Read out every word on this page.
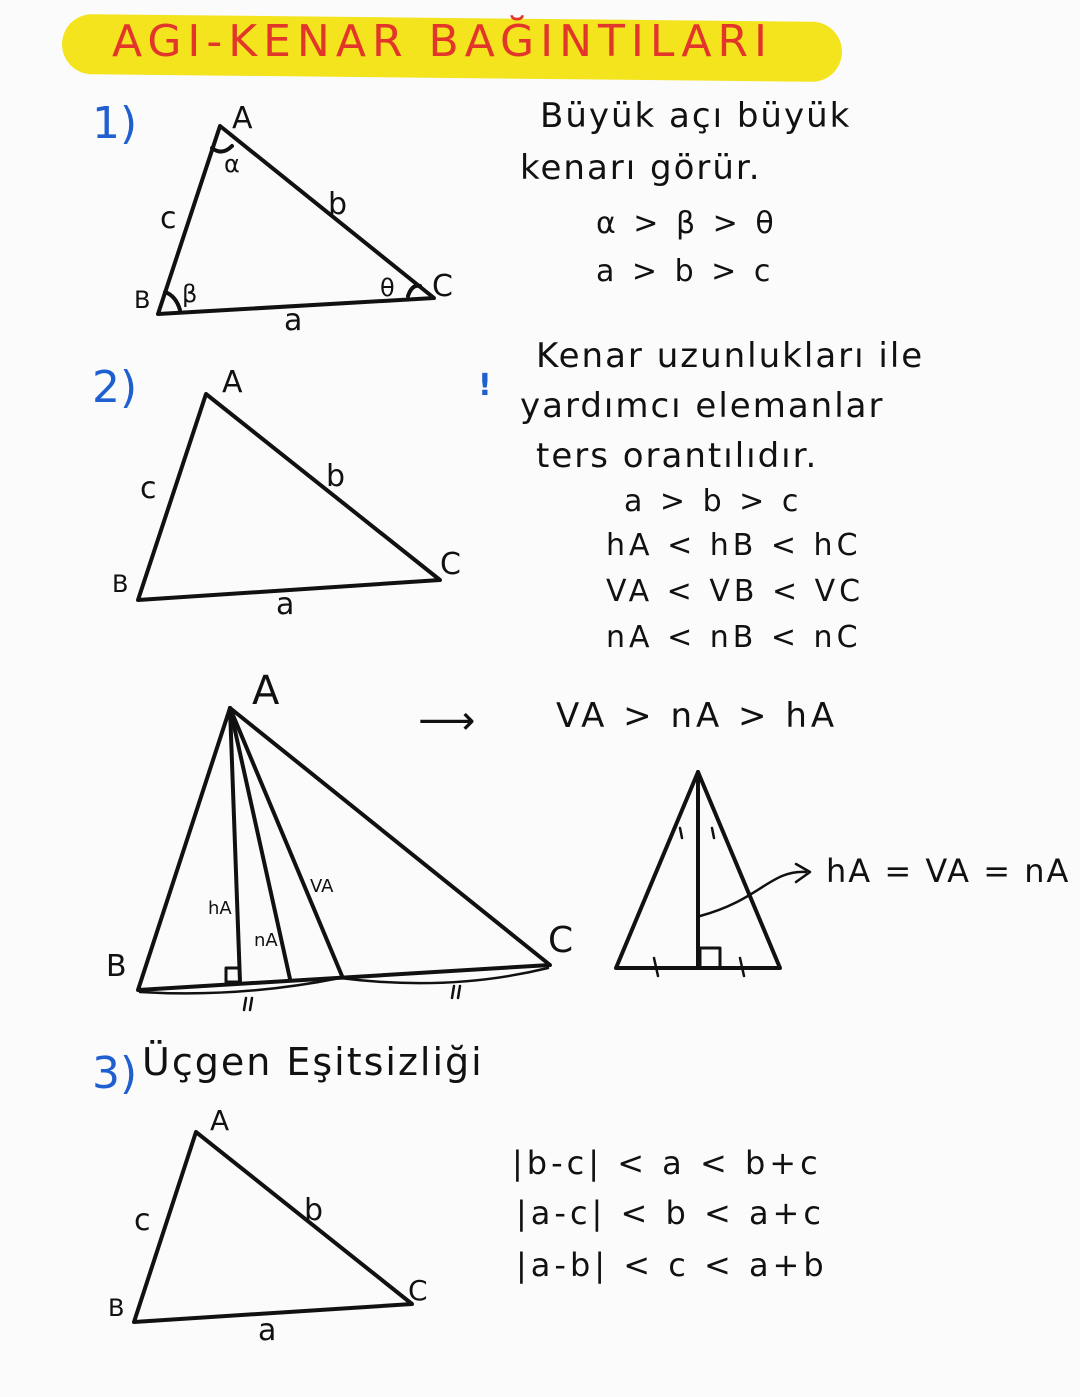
AGI-KENAR BAĞINTILARI
1)
2)
3) Üçgen Eşitsizliği
Büyük açı büyük
kenarı görür.
α > β > θ
a > b > c
!
Kenar uzunlukları ile
yardımcı elemanlar
ters orantılıdır.
a > b > c
hA < hB < hC
VA < VB < VC
nA < nB < nC
⟶ VA > nA > hA
hA = VA = nA
|b-c| < a < b+c
|a-c| < b < a+c
|a-b| < c < a+b
A
B	C
a
b
c
α
β	θ
A
B
C
a
b
c
A
B
C
hA
nA
VA
A
B
C
a
b
c
